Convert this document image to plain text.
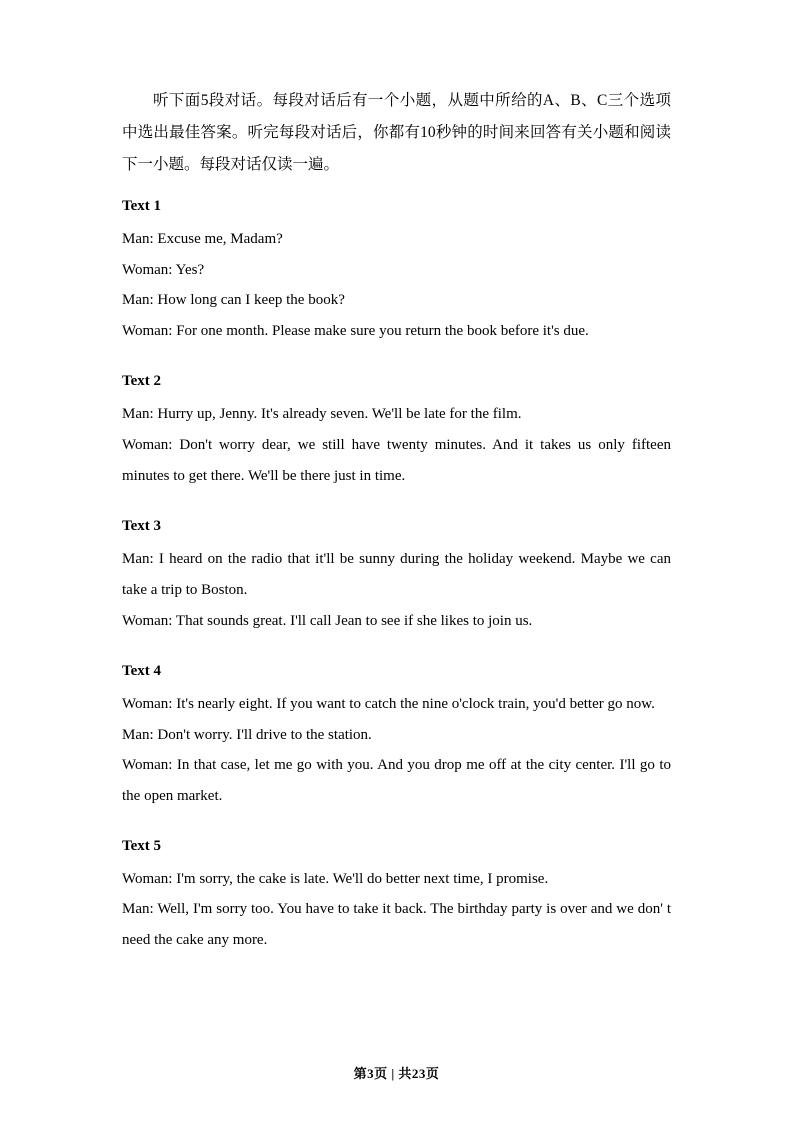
听下面5段对话。每段对话后有一个小题，从题中所给的A、B、C三个选项中选出最佳答案。听完每段对话后，你都有10秒钟的时间来回答有关小题和阅读下一小题。每段对话仅读一遍。

Text 1

Man: Excuse me, Madam?

Woman: Yes?

Man: How long can I keep the book?

Woman: For one month. Please make sure you return the book before it's due.

Text 2

Man: Hurry up, Jenny. It's already seven. We'll be late for the film.

Woman: Don't worry dear, we still have twenty minutes. And it takes us only fifteen minutes to get there. We'll be there just in time.

Text 3

Man: I heard on the radio that it'll be sunny during the holiday weekend. Maybe we can take a trip to Boston.

Woman: That sounds great. I'll call Jean to see if she likes to join us.

Text 4

Woman: It's nearly eight. If you want to catch the nine o'clock train, you'd better go now.

Man: Don't worry. I'll drive to the station.

Woman: In that case, let me go with you. And you drop me off at the city center. I'll go to the open market.

Text 5

Woman: I'm sorry, the cake is late. We'll do better next time, I promise.

Man: Well, I'm sorry too. You have to take it back. The birthday party is over and we don' t need the cake any more.

第3页 | 共23页
